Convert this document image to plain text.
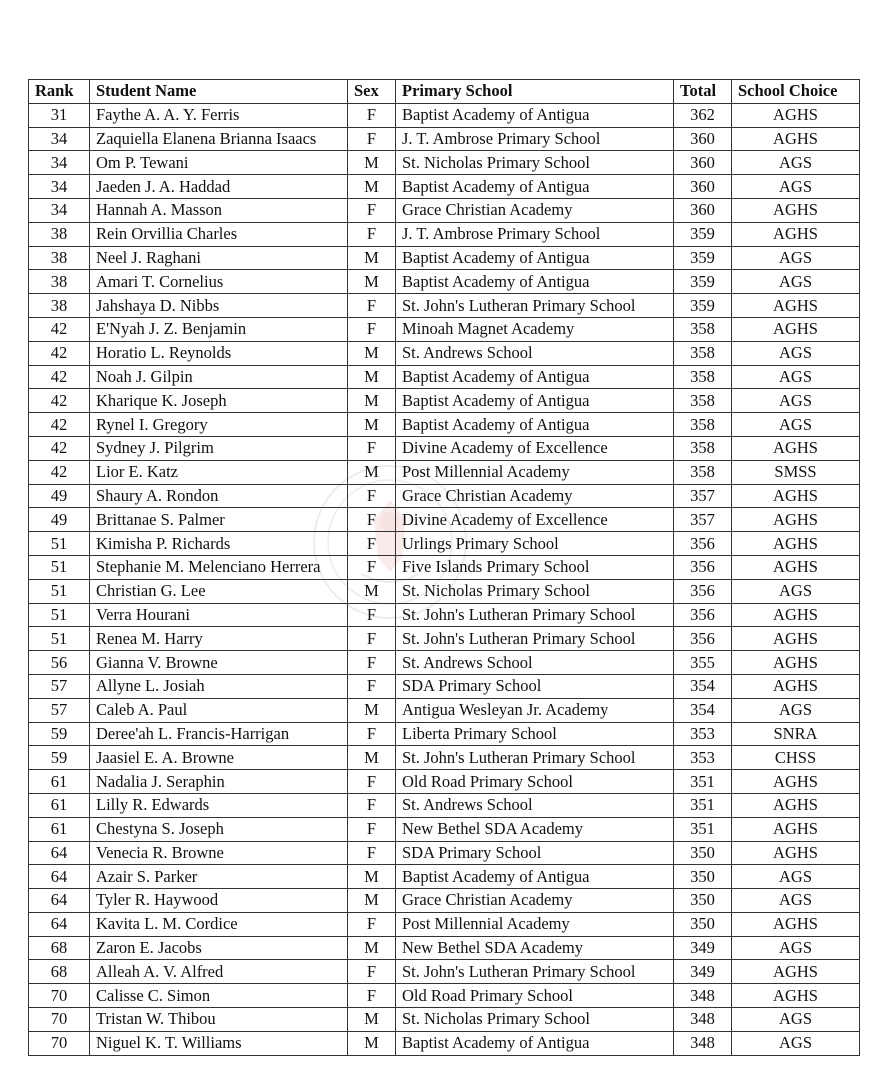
Rank	Student Name	Sex	Primary School	Total	School Choice
31	Faythe A. A. Y. Ferris	F	Baptist Academy of Antigua	362	AGHS
34	Zaquiella Elanena Brianna Isaacs	F	J. T. Ambrose Primary School	360	AGHS
34	Om P. Tewani	M	St. Nicholas Primary School	360	AGS
34	Jaeden J. A. Haddad	M	Baptist Academy of Antigua	360	AGS
34	Hannah A. Masson	F	Grace Christian Academy	360	AGHS
38	Rein Orvillia Charles	F	J. T. Ambrose Primary School	359	AGHS
38	Neel J. Raghani	M	Baptist Academy of Antigua	359	AGS
38	Amari T. Cornelius	M	Baptist Academy of Antigua	359	AGS
38	Jahshaya D. Nibbs	F	St. John's Lutheran Primary School	359	AGHS
42	E'Nyah J. Z. Benjamin	F	Minoah Magnet Academy	358	AGHS
42	Horatio L. Reynolds	M	St. Andrews School	358	AGS
42	Noah J. Gilpin	M	Baptist Academy of Antigua	358	AGS
42	Kharique K. Joseph	M	Baptist Academy of Antigua	358	AGS
42	Rynel I. Gregory	M	Baptist Academy of Antigua	358	AGS
42	Sydney J. Pilgrim	F	Divine Academy of Excellence	358	AGHS
42	Lior E. Katz	M	Post Millennial Academy	358	SMSS
49	Shaury A. Rondon	F	Grace Christian Academy	357	AGHS
49	Brittanae S. Palmer	F	Divine Academy of Excellence	357	AGHS
51	Kimisha P. Richards	F	Urlings Primary School	356	AGHS
51	Stephanie M. Melenciano Herrera	F	Five Islands Primary School	356	AGHS
51	Christian G. Lee	M	St. Nicholas Primary School	356	AGS
51	Verra Hourani	F	St. John's Lutheran Primary School	356	AGHS
51	Renea M. Harry	F	St. John's Lutheran Primary School	356	AGHS
56	Gianna V. Browne	F	St. Andrews School	355	AGHS
57	Allyne L. Josiah	F	SDA Primary School	354	AGHS
57	Caleb A. Paul	M	Antigua Wesleyan Jr. Academy	354	AGS
59	Deree'ah L. Francis-Harrigan	F	Liberta Primary School	353	SNRA
59	Jaasiel E. A. Browne	M	St. John's Lutheran Primary School	353	CHSS
61	Nadalia J. Seraphin	F	Old Road Primary School	351	AGHS
61	Lilly R. Edwards	F	St. Andrews School	351	AGHS
61	Chestyna S. Joseph	F	New Bethel SDA Academy	351	AGHS
64	Venecia R. Browne	F	SDA Primary School	350	AGHS
64	Azair S. Parker	M	Baptist Academy of Antigua	350	AGS
64	Tyler R. Haywood	M	Grace Christian Academy	350	AGS
64	Kavita L. M. Cordice	F	Post Millennial Academy	350	AGHS
68	Zaron E. Jacobs	M	New Bethel SDA Academy	349	AGS
68	Alleah A. V. Alfred	F	St. John's Lutheran Primary School	349	AGHS
70	Calisse C. Simon	F	Old Road Primary School	348	AGHS
70	Tristan W. Thibou	M	St. Nicholas Primary School	348	AGS
70	Niguel K. T. Williams	M	Baptist Academy of Antigua	348	AGS
